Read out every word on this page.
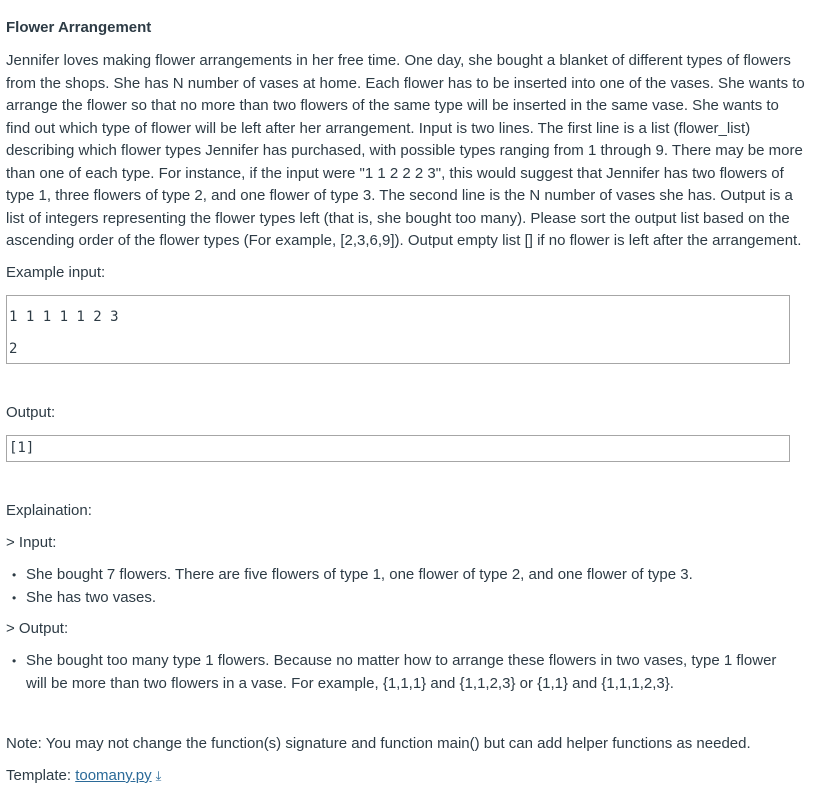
Flower Arrangement

Jennifer loves making flower arrangements in her free time. One day, she bought a blanket of different types of flowers from the shops. She has N number of vases at home. Each flower has to be inserted into one of the vases. She wants to arrange the flower so that no more than two flowers of the same type will be inserted in the same vase. She wants to find out which type of flower will be left after her arrangement. Input is two lines. The first line is a list (flower_list) describing which flower types Jennifer has purchased, with possible types ranging from 1 through 9. There may be more than one of each type. For instance, if the input were "1 1 2 2 2 3", this would suggest that Jennifer has two flowers of type 1, three flowers of type 2, and one flower of type 3. The second line is the N number of vases she has. Output is a list of integers representing the flower types left (that is, she bought too many). Please sort the output list based on the ascending order of the flower types (For example, [2,3,6,9]). Output empty list [] if no flower is left after the arrangement.

Example input:
1 1 1 1 1 2 3
2
Output:
[1]
Explaination:
> Input:
• She bought 7 flowers. There are five flowers of type 1, one flower of type 2, and one flower of type 3.
• She has two vases.
> Output:
• She bought too many type 1 flowers. Because no matter how to arrange these flowers in two vases, type 1 flower will be more than two flowers in a vase. For example, {1,1,1} and {1,1,2,3} or {1,1} and {1,1,1,2,3}.
Note: You may not change the function(s) signature and function main() but can add helper functions as needed.
Template: toomany.py ⤓
